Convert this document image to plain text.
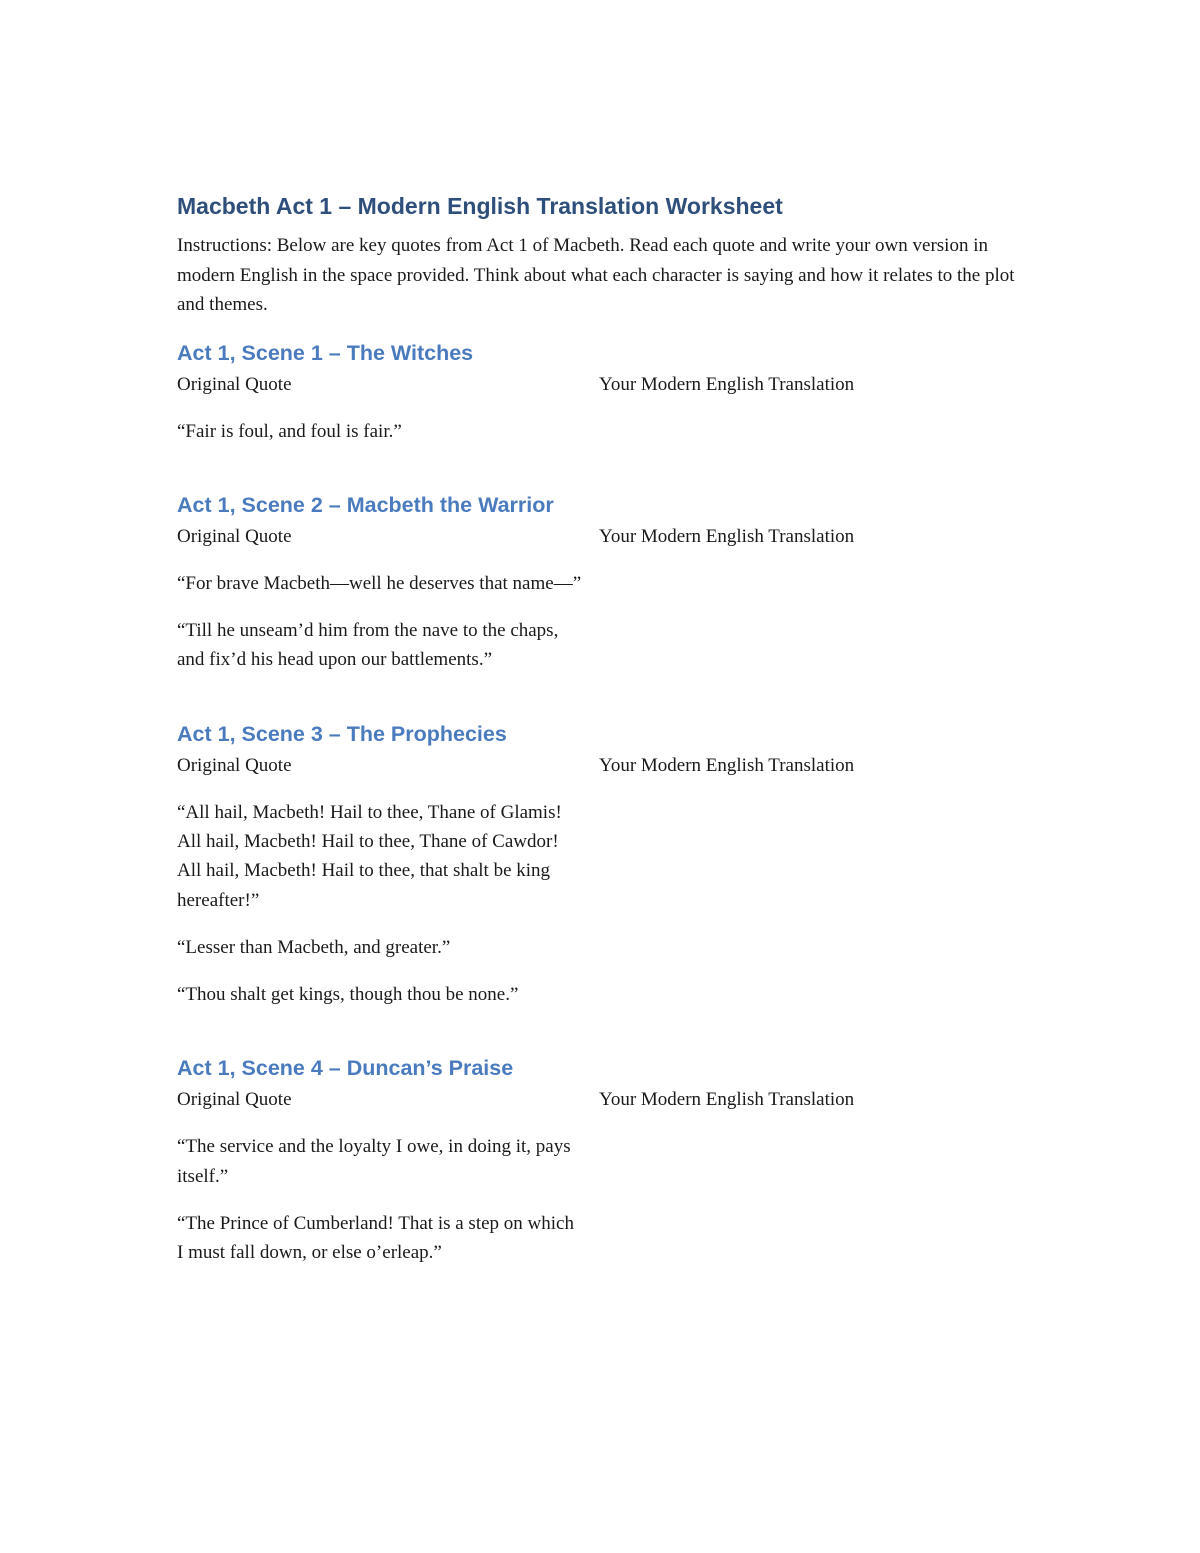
Macbeth Act 1 – Modern English Translation Worksheet

Instructions: Below are key quotes from Act 1 of Macbeth. Read each quote and write your own version in modern English in the space provided. Think about what each character is saying and how it relates to the plot and themes.

Act 1, Scene 1 – The Witches
Original Quote

“Fair is foul, and foul is fair.”

Your Modern English Translation
Act 1, Scene 2 – Macbeth the Warrior
Original Quote

“For brave Macbeth—well he deserves that name—”

“Till he unseam’d him from the nave to the chaps, and fix’d his head upon our battlements.”

Your Modern English Translation
Act 1, Scene 3 – The Prophecies
Original Quote

“All hail, Macbeth! Hail to thee, Thane of Glamis! All hail, Macbeth! Hail to thee, Thane of Cawdor! All hail, Macbeth! Hail to thee, that shalt be king hereafter!”

“Lesser than Macbeth, and greater.”

“Thou shalt get kings, though thou be none.”

Your Modern English Translation
Act 1, Scene 4 – Duncan’s Praise
Original Quote

“The service and the loyalty I owe, in doing it, pays itself.”

“The Prince of Cumberland! That is a step on which I must fall down, or else o’erleap.”

Your Modern English Translation
